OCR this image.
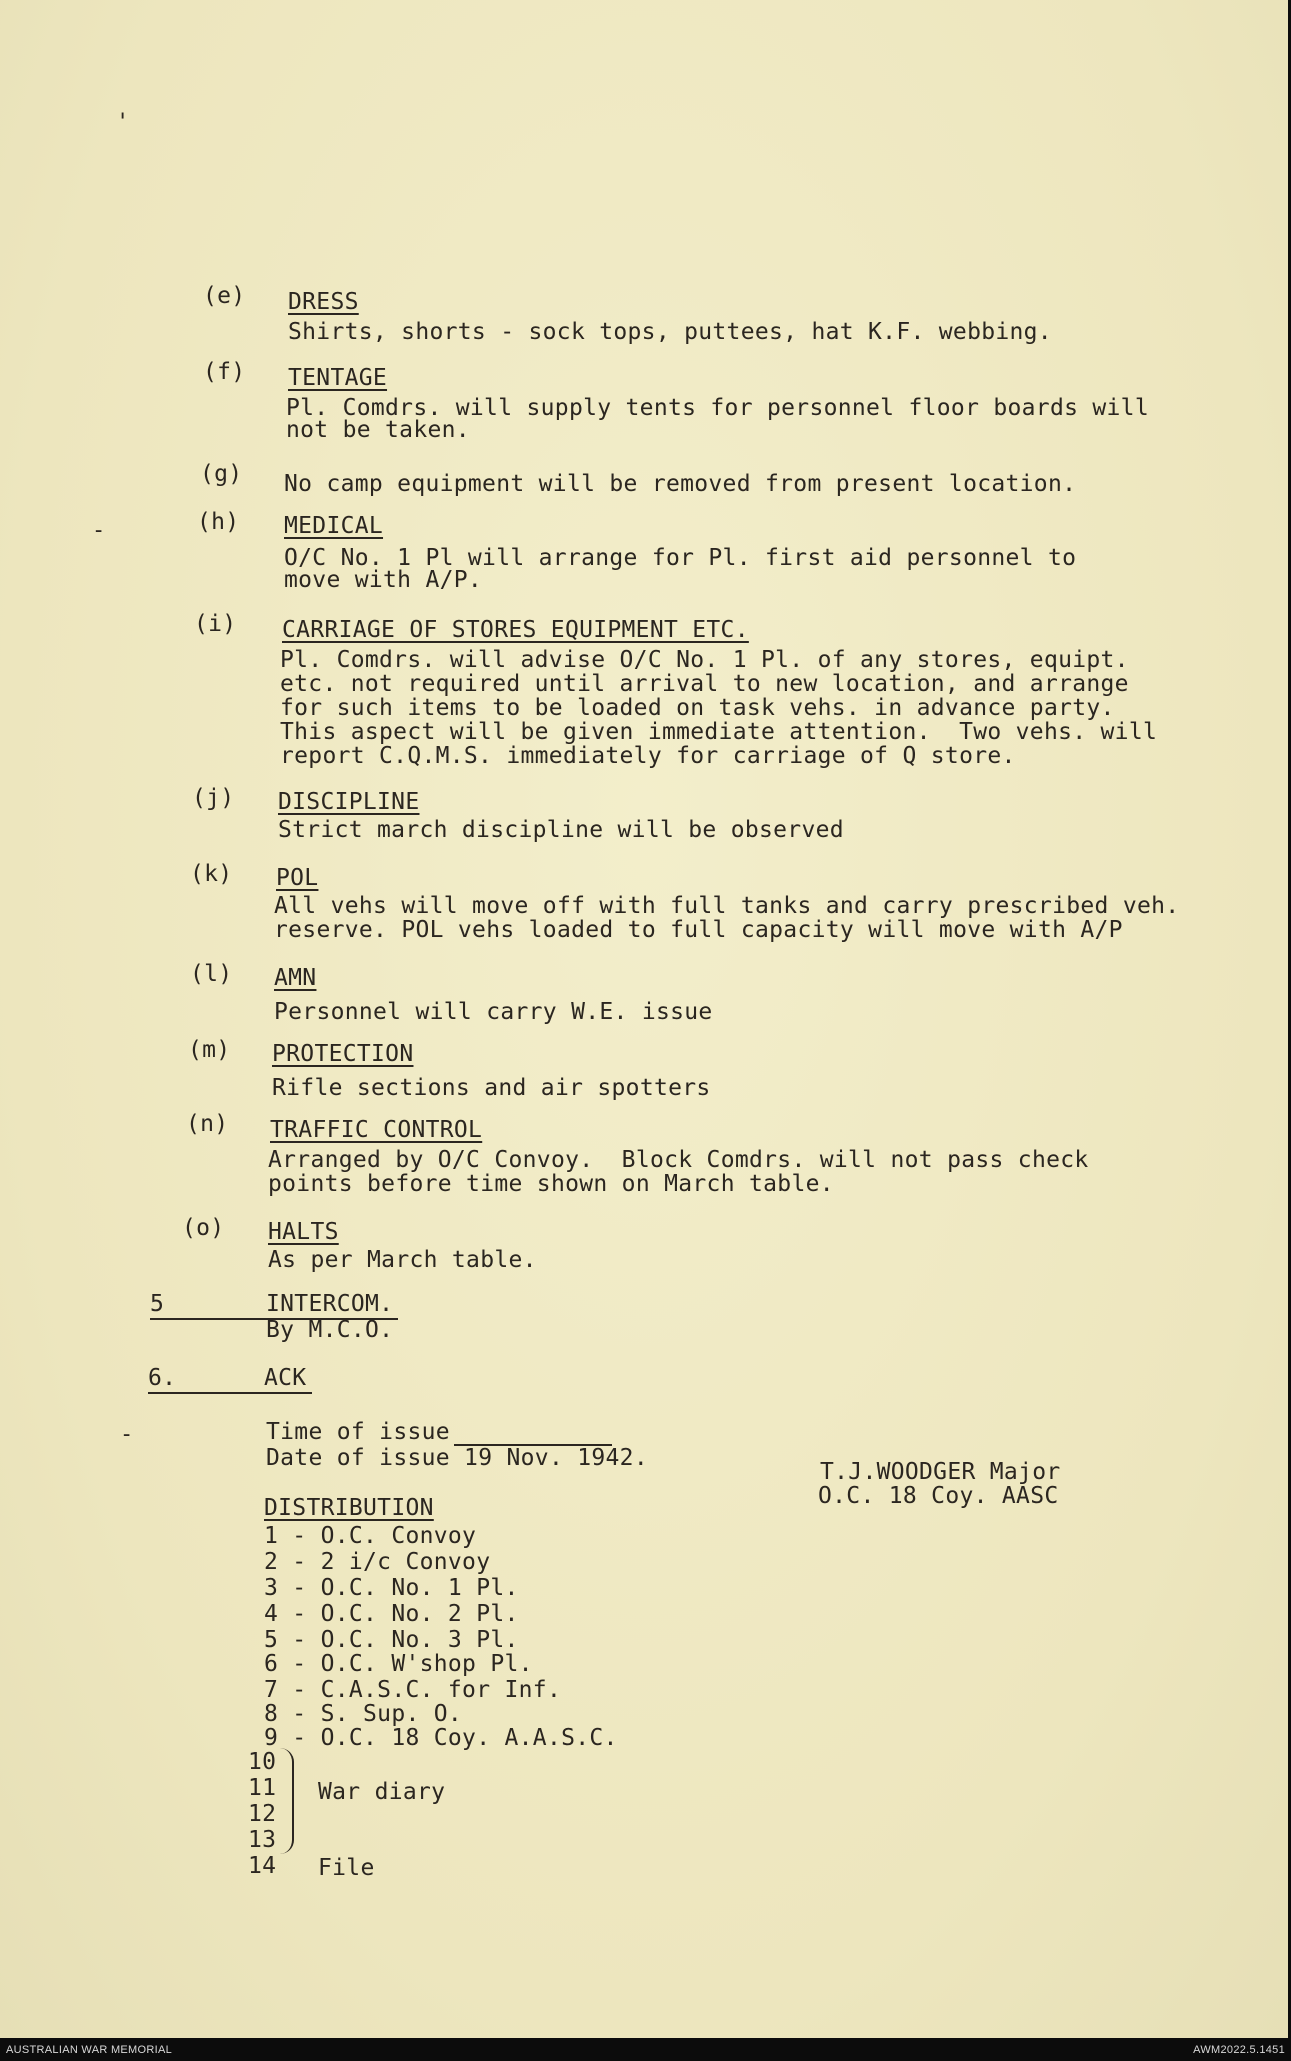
'
-
-
(e) DRESS
Shirts, shorts - sock tops, puttees, hat K.F. webbing.
(f) TENTAGE
Pl. Comdrs. will supply tents for personnel floor boards will
not be taken.
(g) No camp equipment will be removed from present location.
(h) MEDICAL
O/C No. 1 Pl will arrange for Pl. first aid personnel to
move with A/P.
(i) CARRIAGE OF STORES EQUIPMENT ETC.
Pl. Comdrs. will advise O/C No. 1 Pl. of any stores, equipt.
etc. not required until arrival to new location, and arrange
for such items to be loaded on task vehs. in advance party.
This aspect will be given immediate attention.  Two vehs. will
report C.Q.M.S. immediately for carriage of Q store.
(j) DISCIPLINE
Strict march discipline will be observed
(k) POL
All vehs will move off with full tanks and carry prescribed veh.
reserve. POL vehs loaded to full capacity will move with A/P
(l) AMN
Personnel will carry W.E. issue
(m) PROTECTION
Rifle sections and air spotters
(n) TRAFFIC CONTROL
Arranged by O/C Convoy.  Block Comdrs. will not pass check
points before time shown on March table.
(o) HALTS
As per March table.
5	INTERCOM.
By M.C.O.
6.	ACK
Time of issue
Date of issue 19 Nov. 1942.
T.J.WOODGER Major
O.C. 18 Coy. AASC
DISTRIBUTION
1 - O.C. Convoy
2 - 2 i/c Convoy
3 - O.C. No. 1 Pl.
4 - O.C. No. 2 Pl.
5 - O.C. No. 3 Pl.
6 - O.C. W'shop Pl.
7 - C.A.S.C. for Inf.
8 - S. Sup. O.
9 - O.C. 18 Coy. A.A.S.C.
10
11
12
13
War diary
14 File
AUSTRALIAN WAR MEMORIAL	AWM2022.5.1451
